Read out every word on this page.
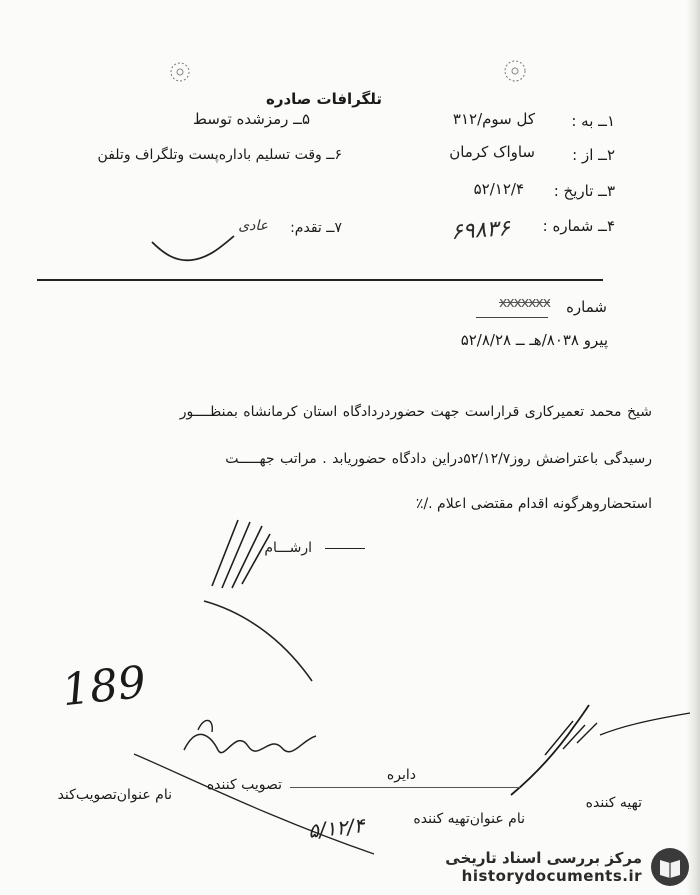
تلگرافات صادره
۱ــ به :
کل سوم/۳۱۲
۵ــ رمزشده توسط
۲ــ از :
ساواک کرمان
۶ــ وقت تسلیم باداره‌پست وتلگراف وتلفن
۳ــ تاریخ :
۵۲/۱۲/۴
۴ــ شماره :
۶۹۸۳۶
۷ــ تقدم:
عادی
شماره
xxxxxxx
پیرو ۸۰۳۸/هـ ــ ۵۲/۸/۲۸
شیخ محمد تعمیرکاری قراراست جهت حضوردردادگاه استان کرمانشاه بمنظــــور
رسیدگی باعتراضش روز۵۲/۱۲/۷دراین دادگاه حضوریابد . مراتب جهـــــت
استحضاروهرگونه اقدام مقتضی اعلام ./٪
ارشـــام
189
دایره
تهیه کننده
تصویب کننده
نام عنوان‌تهیه کننده
نام عنوان‌تصویب‌کند
۵/۱۲/۴
مرکز بررسی اسناد تاریخی
historydocuments.ir
